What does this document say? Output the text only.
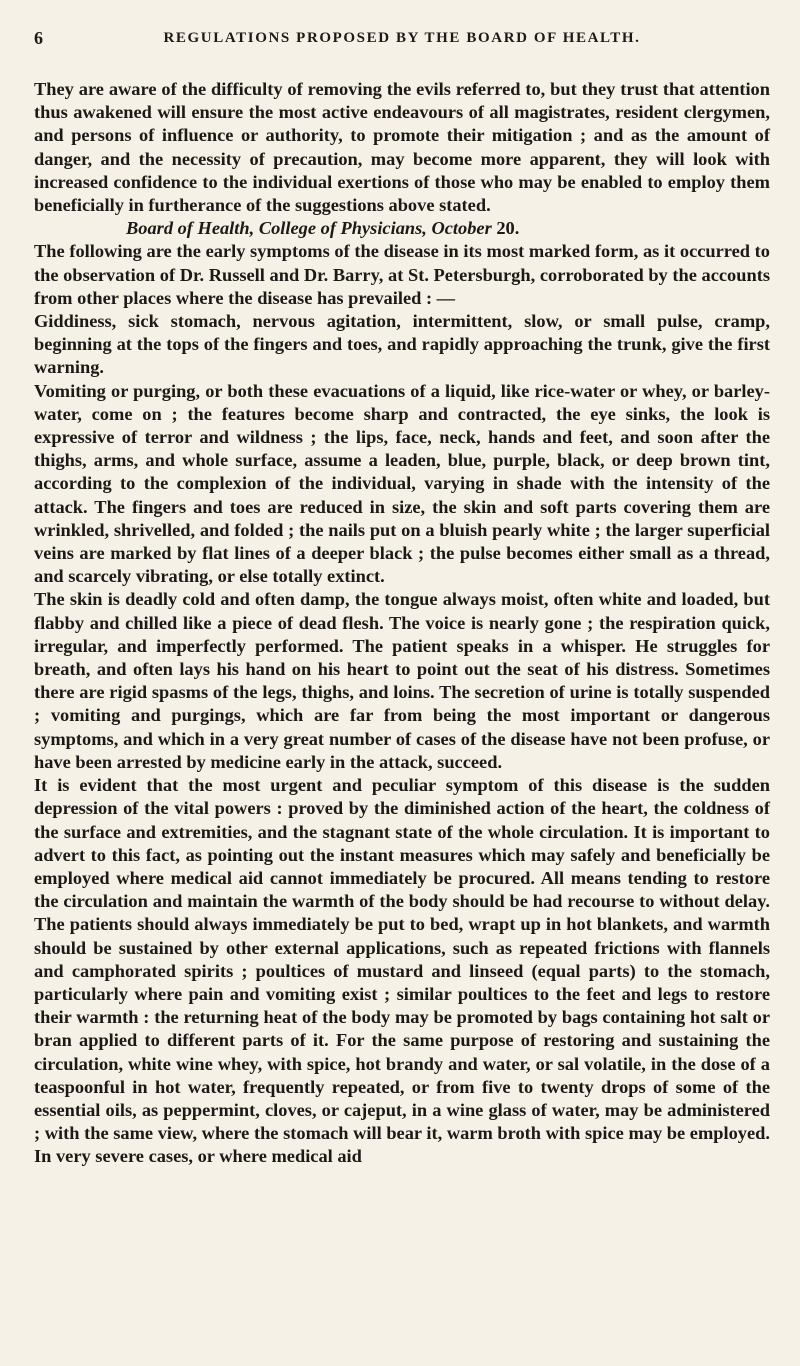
6	REGULATIONS PROPOSED BY THE BOARD OF HEALTH.

They are aware of the difficulty of removing the evils referred to, but they trust that attention thus awakened will ensure the most active endeavours of all magistrates, resident clergymen, and persons of influence or authority, to promote their mitigation ; and as the amount of danger, and the necessity of precaution, may become more apparent, they will look with increased confidence to the individual exertions of those who may be enabled to employ them beneficially in furtherance of the suggestions above stated.

Board of Health, College of Physicians, October 20.

The following are the early symptoms of the disease in its most marked form, as it occurred to the observation of Dr. Russell and Dr. Barry, at St. Petersburgh, corroborated by the accounts from other places where the disease has prevailed : —

Giddiness, sick stomach, nervous agitation, intermittent, slow, or small pulse, cramp, beginning at the tops of the fingers and toes, and rapidly approaching the trunk, give the first warning.

Vomiting or purging, or both these evacuations of a liquid, like rice-water or whey, or barley-water, come on ; the features become sharp and contracted, the eye sinks, the look is expressive of terror and wildness ; the lips, face, neck, hands and feet, and soon after the thighs, arms, and whole surface, assume a leaden, blue, purple, black, or deep brown tint, according to the complexion of the individual, varying in shade with the intensity of the attack. The fingers and toes are reduced in size, the skin and soft parts covering them are wrinkled, shrivelled, and folded ; the nails put on a bluish pearly white ; the larger superficial veins are marked by flat lines of a deeper black ; the pulse becomes either small as a thread, and scarcely vibrating, or else totally extinct.

The skin is deadly cold and often damp, the tongue always moist, often white and loaded, but flabby and chilled like a piece of dead flesh. The voice is nearly gone ; the respiration quick, irregular, and imperfectly performed. The patient speaks in a whisper. He struggles for breath, and often lays his hand on his heart to point out the seat of his distress. Sometimes there are rigid spasms of the legs, thighs, and loins. The secretion of urine is totally suspended ; vomiting and purgings, which are far from being the most important or dangerous symptoms, and which in a very great number of cases of the disease have not been profuse, or have been arrested by medicine early in the attack, succeed.

It is evident that the most urgent and peculiar symptom of this disease is the sudden depression of the vital powers : proved by the diminished action of the heart, the coldness of the surface and extremities, and the stagnant state of the whole circulation. It is important to advert to this fact, as pointing out the instant measures which may safely and beneficially be employed where medical aid cannot immediately be procured. All means tending to restore the circulation and maintain the warmth of the body should be had recourse to without delay. The patients should always immediately be put to bed, wrapt up in hot blankets, and warmth should be sustained by other external applications, such as repeated frictions with flannels and camphorated spirits ; poultices of mustard and linseed (equal parts) to the stomach, particularly where pain and vomiting exist ; similar poultices to the feet and legs to restore their warmth : the returning heat of the body may be promoted by bags containing hot salt or bran applied to different parts of it. For the same purpose of restoring and sustaining the circulation, white wine whey, with spice, hot brandy and water, or sal volatile, in the dose of a teaspoonful in hot water, frequently repeated, or from five to twenty drops of some of the essential oils, as peppermint, cloves, or cajeput, in a wine glass of water, may be administered ; with the same view, where the stomach will bear it, warm broth with spice may be employed. In very severe cases, or where medical aid
